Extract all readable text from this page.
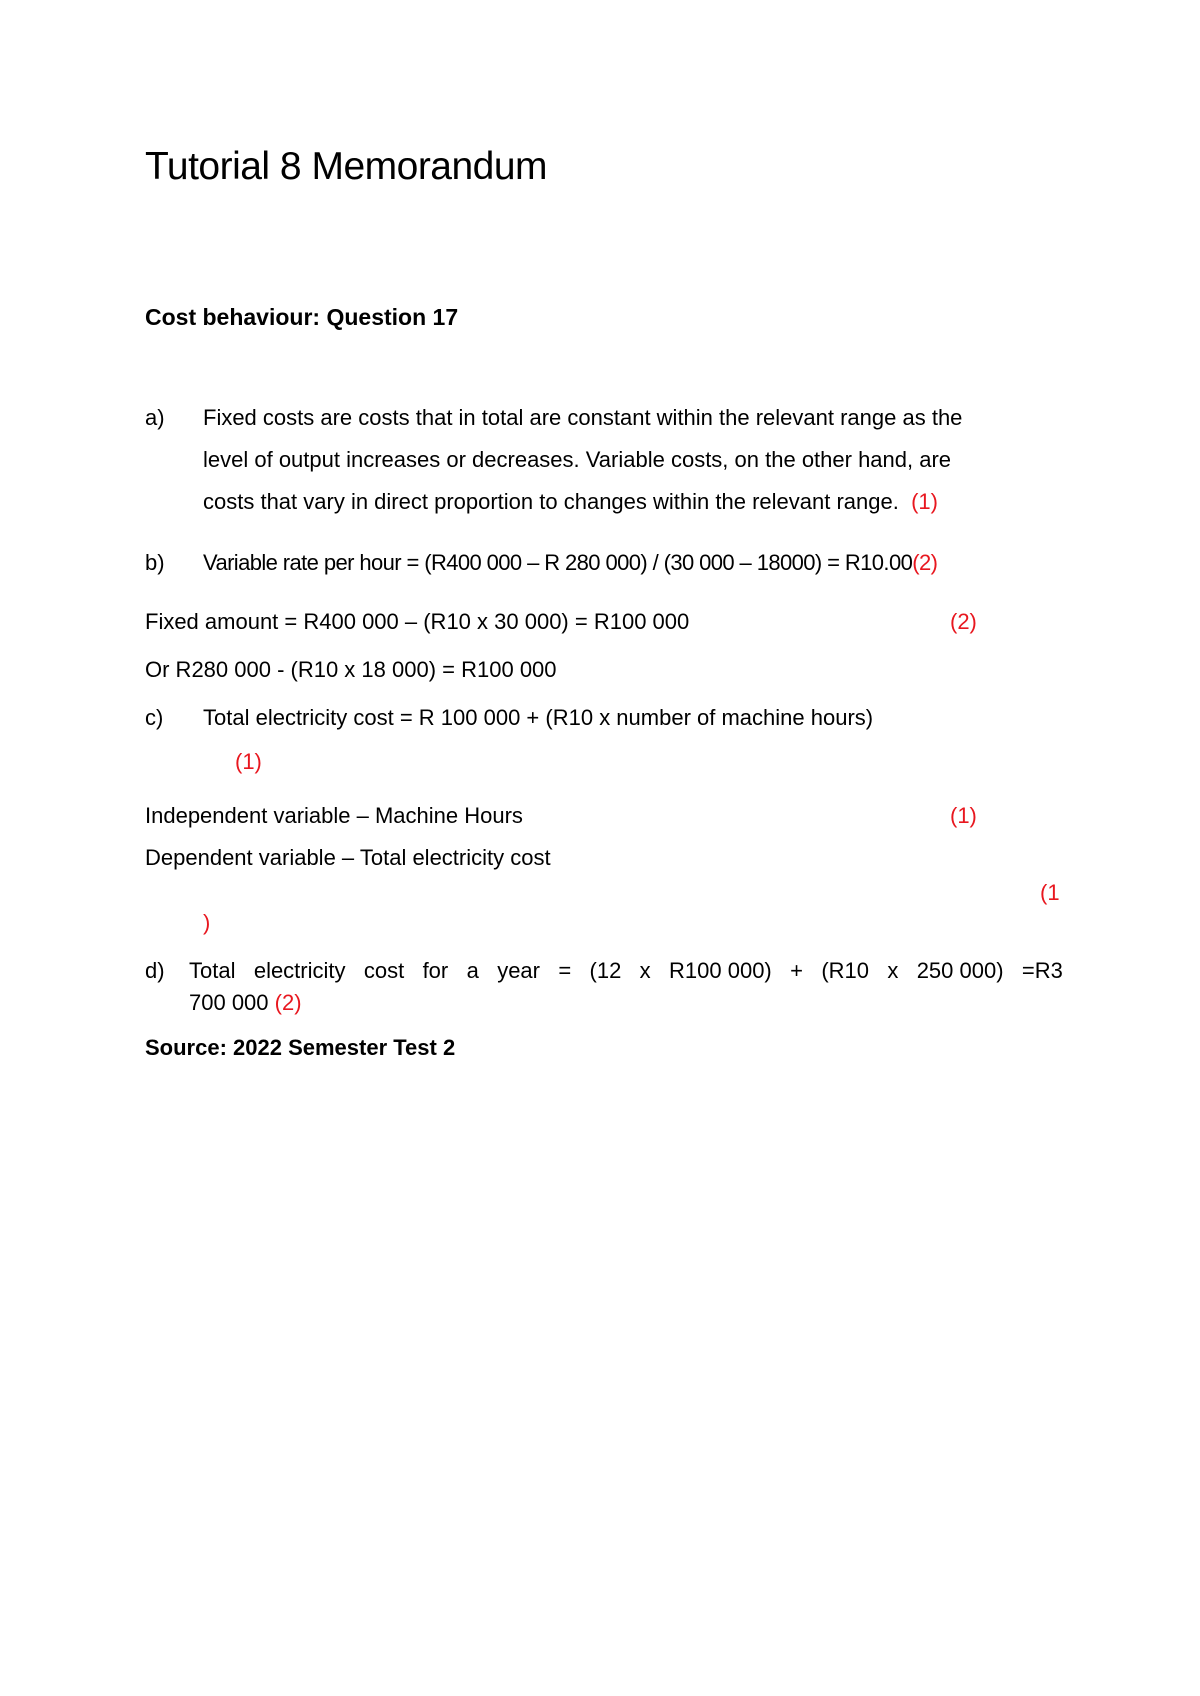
Tutorial 8 Memorandum
Cost behaviour: Question 17
a) Fixed costs are costs that in total are constant within the relevant range as the
level of output increases or decreases. Variable costs, on the other hand, are
costs that vary in direct proportion to changes within the relevant range. (1)
b) Variable rate per hour = (R400 000 – R 280 000) / (30 000 – 18000) = R10.00(2)
Fixed amount = R400 000 – (R10 x 30 000) = R100 000	(2)
Or R280 000 - (R10 x 18 000) = R100 000
c) Total electricity cost = R 100 000 + (R10 x number of machine hours)
(1)
Independent variable – Machine Hours	(1)
Dependent variable – Total electricity cost
(1
)
d) Total electricity cost for a year = (12 x R100 000) + (R10 x 250 000) =R3
700 000 (2)
Source: 2022 Semester Test 2
